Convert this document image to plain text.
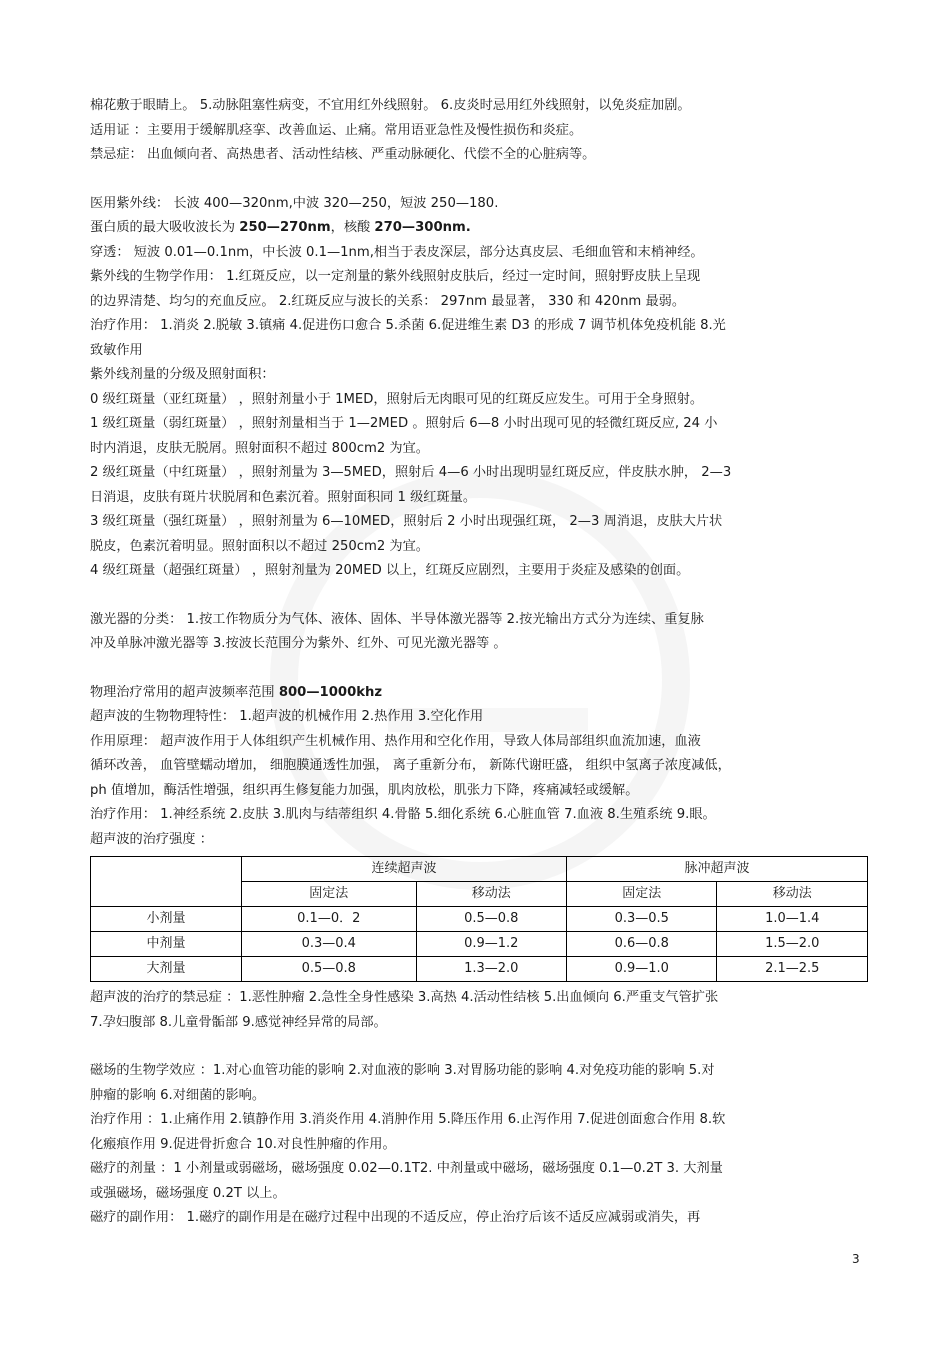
棉花敷于眼睛上。 5.动脉阻塞性病变，不宜用红外线照射。 6.皮炎时忌用红外线照射，以免炎症加剧。

适用证 ：主要用于缓解肌痉挛、改善血运、止痛。常用语亚急性及慢性损伤和炎症。

禁忌症： 出血倾向者、高热患者、活动性结核、严重动脉硬化、代偿不全的心脏病等。

医用紫外线： 长波 400—320nm,中波 320—250，短波 250—180.

蛋白质的最大吸收波长为 250—270nm，核酸 270—300nm.

穿透： 短波 0.01—0.1nm，中长波 0.1—1nm,相当于表皮深层，部分达真皮层、毛细血管和末梢神经。

紫外线的生物学作用： 1.红斑反应，以一定剂量的紫外线照射皮肤后，经过一定时间，照射野皮肤上呈现

的边界清楚、均匀的充血反应。 2.红斑反应与波长的关系： 297nm 最显著， 330 和 420nm 最弱。

治疗作用： 1.消炎 2.脱敏 3.镇痛 4.促进伤口愈合 5.杀菌 6.促进维生素 D3 的形成 7 调节机体免疫机能 8.光

致敏作用

紫外线剂量的分级及照射面积：

0 级红斑量（亚红斑量） ，照射剂量小于 1MED，照射后无肉眼可见的红斑反应发生。可用于全身照射。

1 级红斑量（弱红斑量） ，照射剂量相当于 1—2MED 。照射后 6—8 小时出现可见的轻微红斑反应, 24 小

时内消退，皮肤无脱屑。照射面积不超过 800cm2 为宜。

2 级红斑量（中红斑量） ，照射剂量为 3—5MED，照射后 4—6 小时出现明显红斑反应，伴皮肤水肿， 2—3

日消退，皮肤有斑片状脱屑和色素沉着。照射面积同 1 级红斑量。

3 级红斑量（强红斑量） ，照射剂量为 6—10MED，照射后 2 小时出现强红斑， 2—3 周消退，皮肤大片状

脱皮，色素沉着明显。照射面积以不超过 250cm2 为宜。

4 级红斑量（超强红斑量） ，照射剂量为 20MED 以上，红斑反应剧烈，主要用于炎症及感染的创面。

激光器的分类： 1.按工作物质分为气体、液体、固体、半导体激光器等 2.按光输出方式分为连续、重复脉

冲及单脉冲激光器等 3.按波长范围分为紫外、红外、可见光激光器等 。

物理治疗常用的超声波频率范围 800—1000khz

超声波的生物物理特性： 1.超声波的机械作用 2.热作用 3.空化作用

作用原理： 超声波作用于人体组织产生机械作用、热作用和空化作用，导致人体局部组织血流加速，血液

循环改善， 血管壁蠕动增加， 细胞膜通透性加强， 离子重新分布， 新陈代谢旺盛， 组织中氢离子浓度减低，

ph 值增加，酶活性增强，组织再生修复能力加强，肌肉放松，肌张力下降，疼痛减轻或缓解。

治疗作用： 1.神经系统 2.皮肤 3.肌肉与结蒂组织 4.骨骼 5.细化系统 6.心脏血管 7.血液 8.生殖系统 9.眼。

超声波的治疗强度 ：

	连续超声波		脉冲超声波	
	固定法	移动法	固定法	移动法
小剂量	0.1—0．2	0.5—0.8	0.3—0.5	1.0—1.4
中剂量	0.3—0.4	0.9—1.2	0.6—0.8	1.5—2.0
大剂量	0.5—0.8	1.3—2.0	0.9—1.0	2.1—2.5

超声波的治疗的禁忌症 ：1.恶性肿瘤 2.急性全身性感染 3.高热 4.活动性结核 5.出血倾向 6.严重支气管扩张

7.孕妇腹部 8.儿童骨骺部 9.感觉神经异常的局部。

磁场的生物学效应 ：1.对心血管功能的影响 2.对血液的影响 3.对胃肠功能的影响 4.对免疫功能的影响 5.对

肿瘤的影响 6.对细菌的影响。

治疗作用 ：1.止痛作用 2.镇静作用 3.消炎作用 4.消肿作用 5.降压作用 6.止泻作用 7.促进创面愈合作用 8.软

化瘢痕作用 9.促进骨折愈合 10.对良性肿瘤的作用。

磁疗的剂量 ：1 小剂量或弱磁场，磁场强度 0.02—0.1T2. 中剂量或中磁场，磁场强度 0.1—0.2T 3. 大剂量

或强磁场，磁场强度 0.2T 以上。

磁疗的副作用： 1.磁疗的副作用是在磁疗过程中出现的不适反应，停止治疗后该不适反应减弱或消失，再

3
